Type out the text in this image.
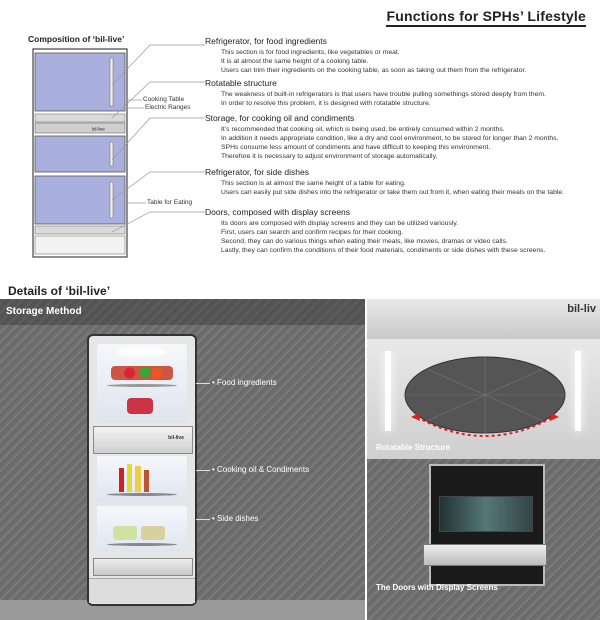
Functions for SPHs’ Lifestyle
Composition of ‘bil-live’
bil-live
Cooking Table
Electric Ranges
Table for Eating
Refrigerator, for food ingredients
This section is for food ingredients, like vegetables or meat.
It is at almost the same height of a cooking table.
Users can trim their ingredients on the cooking table, as soon as taking out them from the refrigerator.
Rotatable structure
The weakness of built-in refrigerators is that users have trouble pulling somethings stored deeply from them.
In order to resolve this problem, it is designed with rotatable structure.
Storage, for cooking oil and condiments
It’s recommended that cooking oil, which is being used, be entirely consumed within 2 months.
In addition it needs appropriate condition, like a dry and cool environment, to be stored for longer than 2 months.
SPHs consume less amount of condiments and have difficult to keeping this environment.
Therefore it is necessary to adjust environment of storage automatically.
Refrigerator, for side dishes
This section is at almost the same height of a table for eating.
Users can easily put side dishes into the refrigerator or take them out from it, when eating their meals on the table.
Doors, composed with display screens
Its doors are composed with display screens and they can be utilized variously.
First, users can search and confirm recipes for their cooking.
Second, they can do various things when eating their meals, like movies, dramas or video calls.
Lastly, they can confirm the conditions of their food materials, condiments or side dishes with these screens.
Details of ‘bil-live’
Storage Method
bil-live
• Food ingredients
• Cooking oil & Condiments
• Side dishes
bil-liv
Rotatable Structure
The Doors with Display Screens
